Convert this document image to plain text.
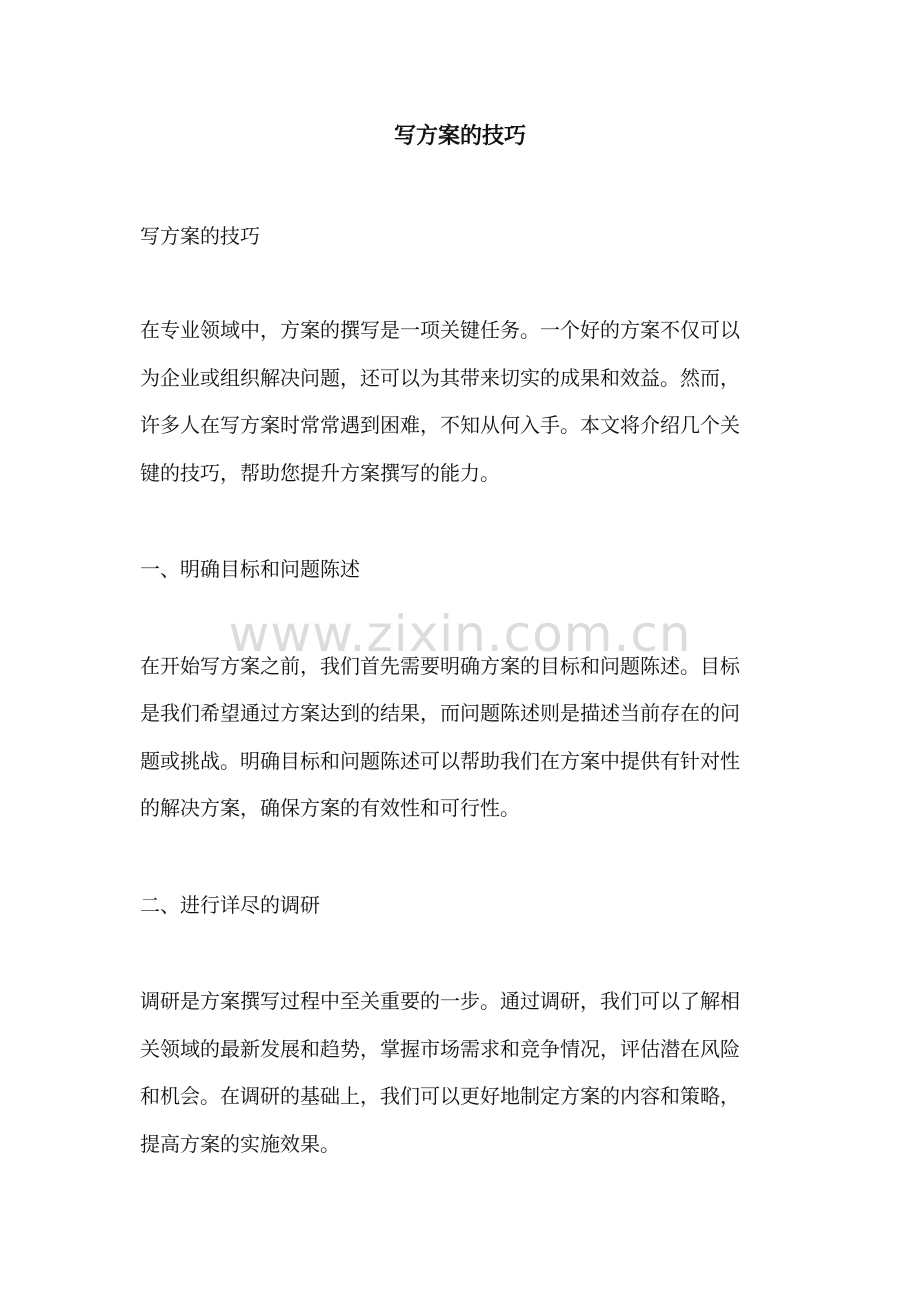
写方案的技巧

写方案的技巧

在专业领域中，方案的撰写是一项关键任务。一个好的方案不仅可以

为企业或组织解决问题，还可以为其带来切实的成果和效益。然而，

许多人在写方案时常常遇到困难，不知从何入手。本文将介绍几个关

键的技巧，帮助您提升方案撰写的能力。

一、明确目标和问题陈述

在开始写方案之前，我们首先需要明确方案的目标和问题陈述。目标

是我们希望通过方案达到的结果，而问题陈述则是描述当前存在的问

题或挑战。明确目标和问题陈述可以帮助我们在方案中提供有针对性

的解决方案，确保方案的有效性和可行性。

二、进行详尽的调研

调研是方案撰写过程中至关重要的一步。通过调研，我们可以了解相

关领域的最新发展和趋势，掌握市场需求和竞争情况，评估潜在风险

和机会。在调研的基础上，我们可以更好地制定方案的内容和策略，

提高方案的实施效果。

www.zixin.com.cn
